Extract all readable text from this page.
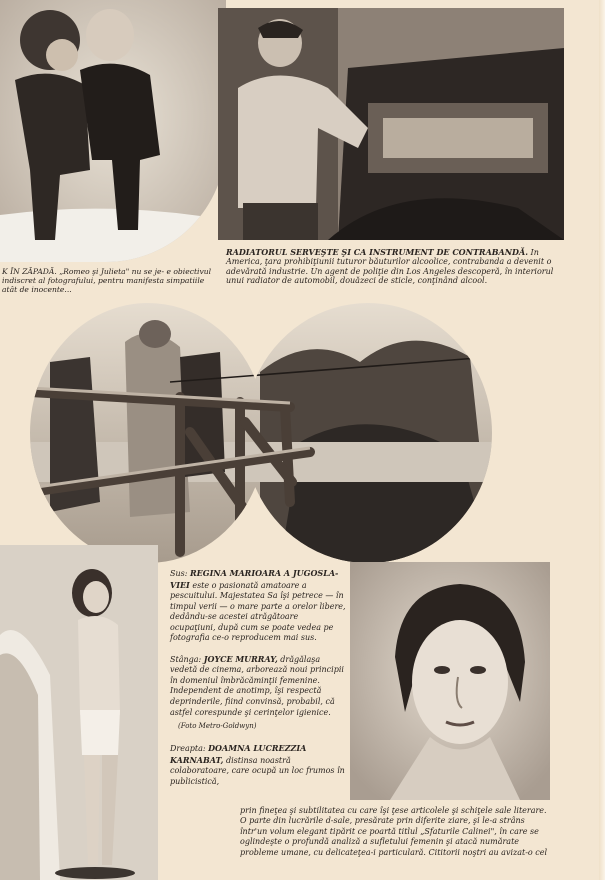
K ÎN ZĂPADĂ. „Romeo şi Julieta" nu se je- e obiectivul indiscret al fotografului, pentru manifesta simpatiile atât de inocente...
RADIATORUL SERVEŞTE ŞI CA INSTRUMENT DE CONTRABANDĂ. In America, ţara prohibiţiunii tuturor băuturilor alcoolice, contrabanda a devenit o adevărată industrie. Un agent de poliţie din Los Angeles descoperă, în interiorul unui radiator de automobil, douăzeci de sticle, conţinând alcool.

Sus: REGINA MARIOARA A JUGOSLA-VIEI este o pasionată amatoare a pescuitului. Majestatea Sa îşi petrece — în timpul verii — o mare parte a orelor libere, dedându-se acestei atrăgătoare ocupaţiuni, după cum se poate vedea pe fotografia ce-o reproducem mai sus.

Stânga: JOYCE MURRAY, drăgălaşa vedetă de cinema, arborează noui principii în domeniul îmbrăcăminţii femenine. Independent de anotimp, îşi respectă deprinderile, fiind convinsă, probabil, că astfel corespunde şi cerinţelor igienice.

(Foto Metro-Goldwyn)

Dreapta: DOAMNA LUCREZZIA KARNABAT, distinsa noastră colaboratoare, care ocupă un loc frumos în publicistică,

prin fineţea şi subtilitatea cu care îşi ţese articolele şi schiţele sale literare. O parte din lucrările d-sale, presărate prin diferite ziare, şi le-a strâns într'un volum elegant tipărit ce poartă titlul „Sfaturile Calinei", în care se oglindeşte o profundă analiză a sufletului femenin şi atacă numărate probleme umane, cu delicateţea-i particulară. Cititorii noştri au avizat-o cel
